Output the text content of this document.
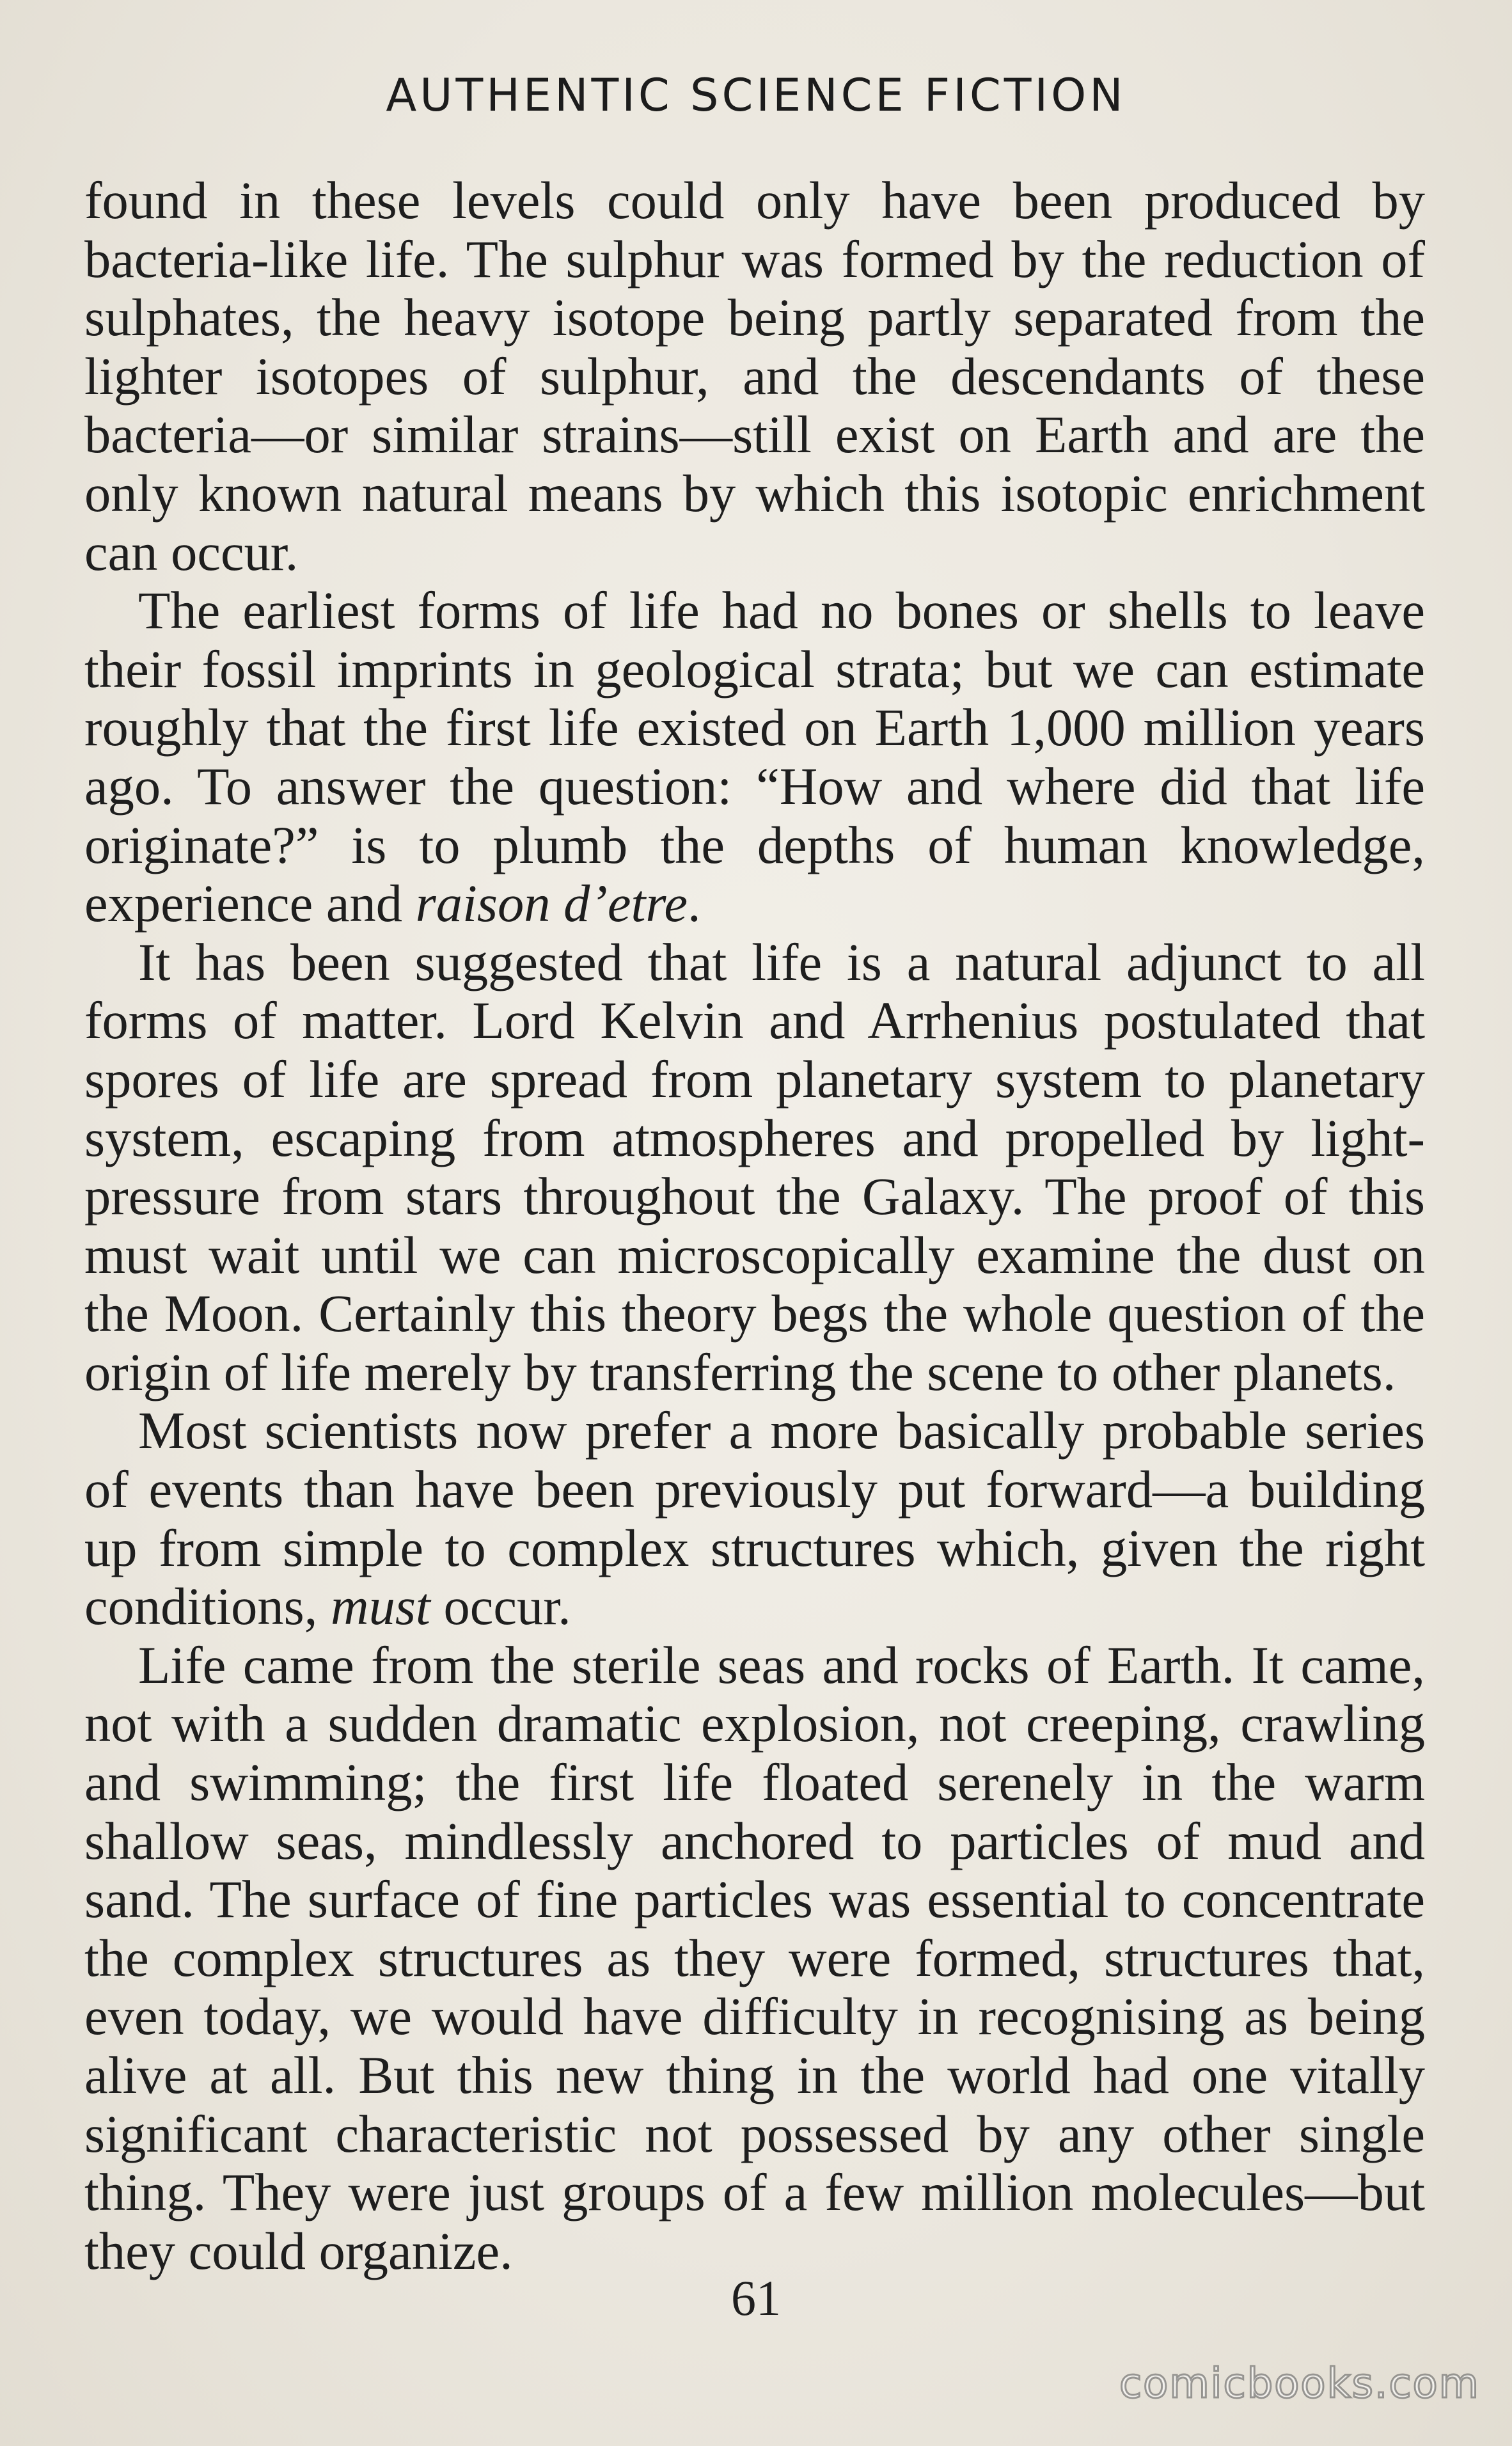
AUTHENTIC SCIENCE FICTION

found in these levels could only have been produced by bacteria-like life. The sulphur was formed by the reduction of sulphates, the heavy isotope being partly separated from the lighter isotopes of sulphur, and the descendants of these bacteria—or similar strains—still exist on Earth and are the only known natural means by which this isotopic enrichment can occur.

The earliest forms of life had no bones or shells to leave their fossil imprints in geological strata; but we can estimate roughly that the first life existed on Earth 1,000 million years ago. To answer the question: “How and where did that life originate?” is to plumb the depths of human knowledge, experience and raison d’etre.

It has been suggested that life is a natural adjunct to all forms of matter. Lord Kelvin and Arrhenius postulated that spores of life are spread from planetary system to planetary system, escaping from atmospheres and propelled by light-pressure from stars throughout the Galaxy. The proof of this must wait until we can microscopically examine the dust on the Moon. Certainly this theory begs the whole question of the origin of life merely by transferring the scene to other planets.

Most scientists now prefer a more basically probable series of events than have been previously put forward—a building up from simple to complex structures which, given the right conditions, must occur.

Life came from the sterile seas and rocks of Earth. It came, not with a sudden dramatic explosion, not creeping, crawling and swimming; the first life floated serenely in the warm shallow seas, mindlessly anchored to particles of mud and sand. The surface of fine particles was essential to concentrate the complex structures as they were formed, structures that, even today, we would have difficulty in recognising as being alive at all. But this new thing in the world had one vitally significant characteristic not possessed by any other single thing. They were just groups of a few million molecules—but they could organize.

61
comicbooks.com
